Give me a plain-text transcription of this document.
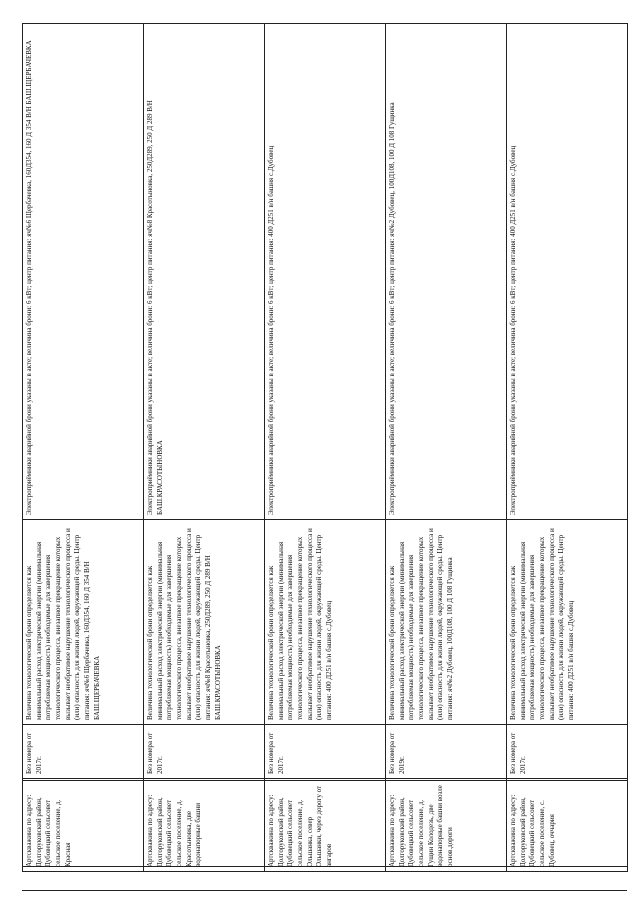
Артскважина по адресу: Долгоруковский район, Дубовецкий сельсовет сельское поселение, д. Красная	Без номера от 2017г.	Величина технологической брони определяется как минимальный расход электрической энергии (минимальная потребляемая мощность) необходимые для завершения технологического процесса, внезапное прекращение которых вызывает необратимое нарушение технологического процесса и (или) опасность для жизни людей, окружающей среды. Центр питания: яч№6 Щербачевка, 160Д354, 160 Д 354 В/Н БАШ.ЩЕРБАЧЕВКА	Электроприёмники аварийной брони указаны в акте; величина брони: 6 кВт; центр питания: яч№6 Щербачевка, 160Д354, 160 Д 354 В/Н БАШ.ЩЕРБАЧЕВКА
Артскважина по адресу: Долгоруковский район, Дубовецкий сельсовет сельское поселение, д. Красотыновка, две водонапорные башни	Без номера от 2017г.	Величина технологической брони определяется как минимальный расход электрической энергии (минимальная потребляемая мощность) необходимые для завершения технологического процесса, внезапное прекращение которых вызывает необратимое нарушение технологического процесса и (или) опасность для жизни людей, окружающей среды. Центр питания: яч№8 Красотыновка, 250Д289, 250 Д 289 В/Н БАШ.КРАСОТЫНОВКА	Электроприёмники аварийной брони указаны в акте; величина брони: 6 кВт; центр питания: яч№8 Красотыновка, 250Д289, 250 Д 289 В/Н БАШ.КРАСОТЫНОВКА
Артскважина по адресу: Долгоруковский район, Дубовецкий сельсовет сельское поселение, д. Ольшанка, север Ольшанки, через дорогу от ангаров	Без номера от 2017г.	Величина технологической брони определяется как минимальный расход электрической энергии (минимальная потребляемая мощность) необходимые для завершения технологического процесса, внезапное прекращение которых вызывает необратимое нарушение технологического процесса и (или) опасность для жизни людей, окружающей среды. Центр питания: 400 Д251 в/н башня с.Дубовец	Электроприёмники аварийной брони указаны в акте; величина брони: 6 кВт; центр питания: 400 Д251 в/н башня с.Дубовец
Артскважина по адресу: Долгоруковский район, Дубовецкий сельсовет сельское поселение, д. Гущин Колодезь, две водонапорные башни возле оснoв.дороги	Без номера от 2019г.	Величина технологической брони определяется как минимальный расход электрической энергии (минимальная потребляемая мощность) необходимые для завершения технологического процесса, внезапное прекращение которых вызывает необратимое нарушение технологического процесса и (или) опасность для жизни людей, окружающей среды. Центр питания: яч№2 Дубовец, 100Д108, 100 Д 108 Гущинка	Электроприёмники аварийной брони указаны в акте; величина брони: 6 кВт; центр питания: яч№2 Дубовец, 100Д108, 100 Д 108 Гущинка
Артскважина по адресу: Долгоруковский район, Дубовецкий сельсовет сельское поселение, с. Дубовец, оччария	Без номера от 2017г.	Величина технологической брони определяется как минимальный расход электрической энергии (минимальная потребляемая мощность) необходимые для завершения технологического процесса, внезапное прекращение которых вызывает необратимое нарушение технологического процесса и (или) опасность для жизни людей, окружающей среды. Центр питания: 400 Д251 в/н башня с.Дубовец	Электроприёмники аварийной брони указаны в акте; величина брони: 6 кВт; центр питания: 400 Д251 в/н башня с.Дубовец
